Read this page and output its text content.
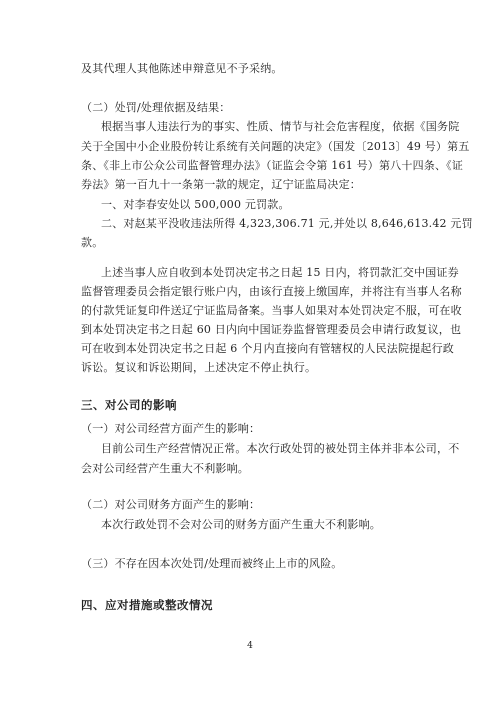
及其代理人其他陈述申辩意见不予采纳。
（二）处罚/处理依据及结果：
根据当事人违法行为的事实、性质、情节与社会危害程度，依据《国务院
关于全国中小企业股份转让系统有关问题的决定》（国发〔2013〕49 号）第五
条、《非上市公众公司监督管理办法》（证监会令第 161 号）第八十四条、《证
券法》第一百九十一条第一款的规定，辽宁证监局决定：
一、对李春安处以 500,000 元罚款。
二、对赵某平没收违法所得 4,323,306.71 元,并处以 8,646,613.42 元罚
款。
上述当事人应自收到本处罚决定书之日起 15 日内，将罚款汇交中国证券
监督管理委员会指定银行账户内，由该行直接上缴国库，并将注有当事人名称
的付款凭证复印件送辽宁证监局备案。当事人如果对本处罚决定不服，可在收
到本处罚决定书之日起 60 日内向中国证券监督管理委员会申请行政复议，也
可在收到本处罚决定书之日起 6 个月内直接向有管辖权的人民法院提起行政
诉讼。复议和诉讼期间，上述决定不停止执行。
三、对公司的影响
（一）对公司经营方面产生的影响：
目前公司生产经营情况正常。本次行政处罚的被处罚主体并非本公司，不
会对公司经营产生重大不利影响。
（二）对公司财务方面产生的影响：
本次行政处罚不会对公司的财务方面产生重大不利影响。
（三）不存在因本次处罚/处理而被终止上市的风险。
四、应对措施或整改情况
4
